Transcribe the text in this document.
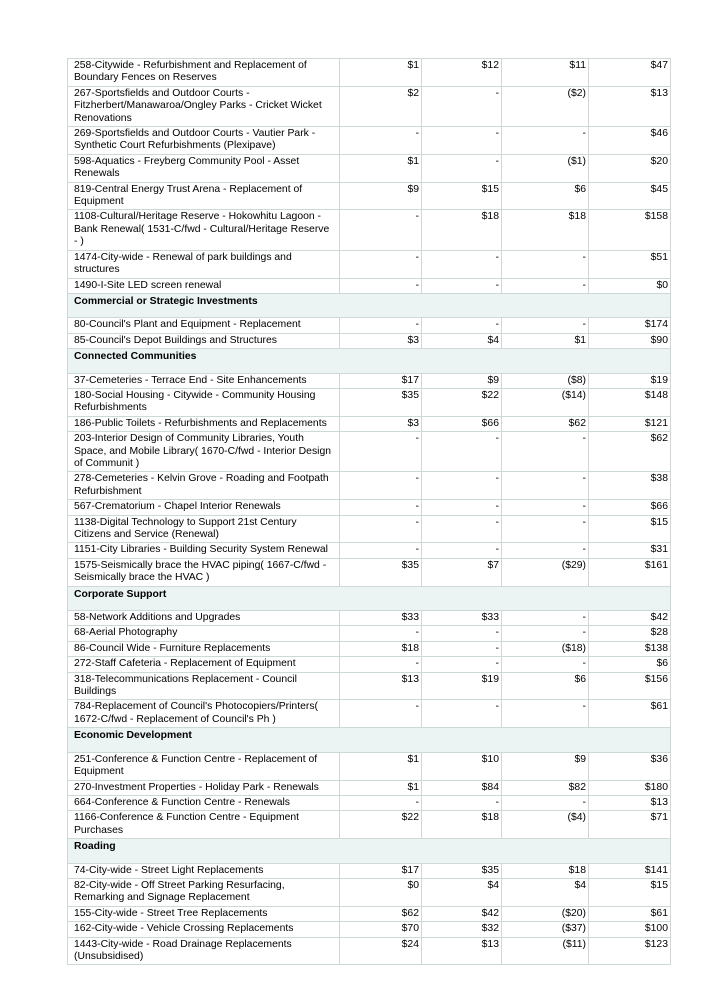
258-Citywide - Refurbishment and Replacement of Boundary Fences on Reserves	$1	$12	$11	$47
267-Sportsfields and Outdoor Courts - Fitzherbert/Manawaroa/Ongley Parks - Cricket Wicket Renovations	$2	-	($2)	$13
269-Sportsfields and Outdoor Courts - Vautier Park - Synthetic Court Refurbishments (Plexipave)	-	-	-	$46
598-Aquatics - Freyberg Community Pool - Asset Renewals	$1	-	($1)	$20
819-Central Energy Trust Arena - Replacement of Equipment	$9	$15	$6	$45
1108-Cultural/Heritage Reserve - Hokowhitu Lagoon - Bank Renewal( 1531-C/fwd - Cultural/Heritage Reserve - )	-	$18	$18	$158
1474-City-wide - Renewal of park buildings and structures	-	-	-	$51
1490-I-Site LED screen renewal	-	-	-	$0
Commercial or Strategic Investments				
80-Council's Plant and Equipment - Replacement	-	-	-	$174
85-Council's Depot Buildings and Structures	$3	$4	$1	$90
Connected Communities				
37-Cemeteries - Terrace End - Site Enhancements	$17	$9	($8)	$19
180-Social Housing - Citywide - Community Housing Refurbishments	$35	$22	($14)	$148
186-Public Toilets - Refurbishments and Replacements	$3	$66	$62	$121
203-Interior Design of Community Libraries, Youth Space, and Mobile Library( 1670-C/fwd - Interior Design of Communit )	-	-	-	$62
278-Cemeteries - Kelvin Grove - Roading and Footpath Refurbishment	-	-	-	$38
567-Crematorium - Chapel Interior Renewals	-	-	-	$66
1138-Digital Technology to Support 21st Century Citizens and Service (Renewal)	-	-	-	$15
1151-City Libraries - Building Security System Renewal	-	-	-	$31
1575-Seismically brace the HVAC piping( 1667-C/fwd - Seismically brace the HVAC )	$35	$7	($29)	$161
Corporate Support				
58-Network Additions and Upgrades	$33	$33	-	$42
68-Aerial Photography	-	-	-	$28
86-Council Wide - Furniture Replacements	$18	-	($18)	$138
272-Staff Cafeteria - Replacement of Equipment	-	-	-	$6
318-Telecommunications Replacement - Council Buildings	$13	$19	$6	$156
784-Replacement of Council's Photocopiers/Printers( 1672-C/fwd - Replacement of Council's Ph )	-	-	-	$61
Economic Development				
251-Conference & Function Centre - Replacement of Equipment	$1	$10	$9	$36
270-Investment Properties - Holiday Park - Renewals	$1	$84	$82	$180
664-Conference & Function Centre - Renewals	-	-	-	$13
1166-Conference & Function Centre - Equipment Purchases	$22	$18	($4)	$71
Roading				
74-City-wide - Street Light Replacements	$17	$35	$18	$141
82-City-wide - Off Street Parking Resurfacing, Remarking and Signage Replacement	$0	$4	$4	$15
155-City-wide - Street Tree Replacements	$62	$42	($20)	$61
162-City-wide - Vehicle Crossing Replacements	$70	$32	($37)	$100
1443-City-wide - Road Drainage Replacements (Unsubsidised)	$24	$13	($11)	$123
